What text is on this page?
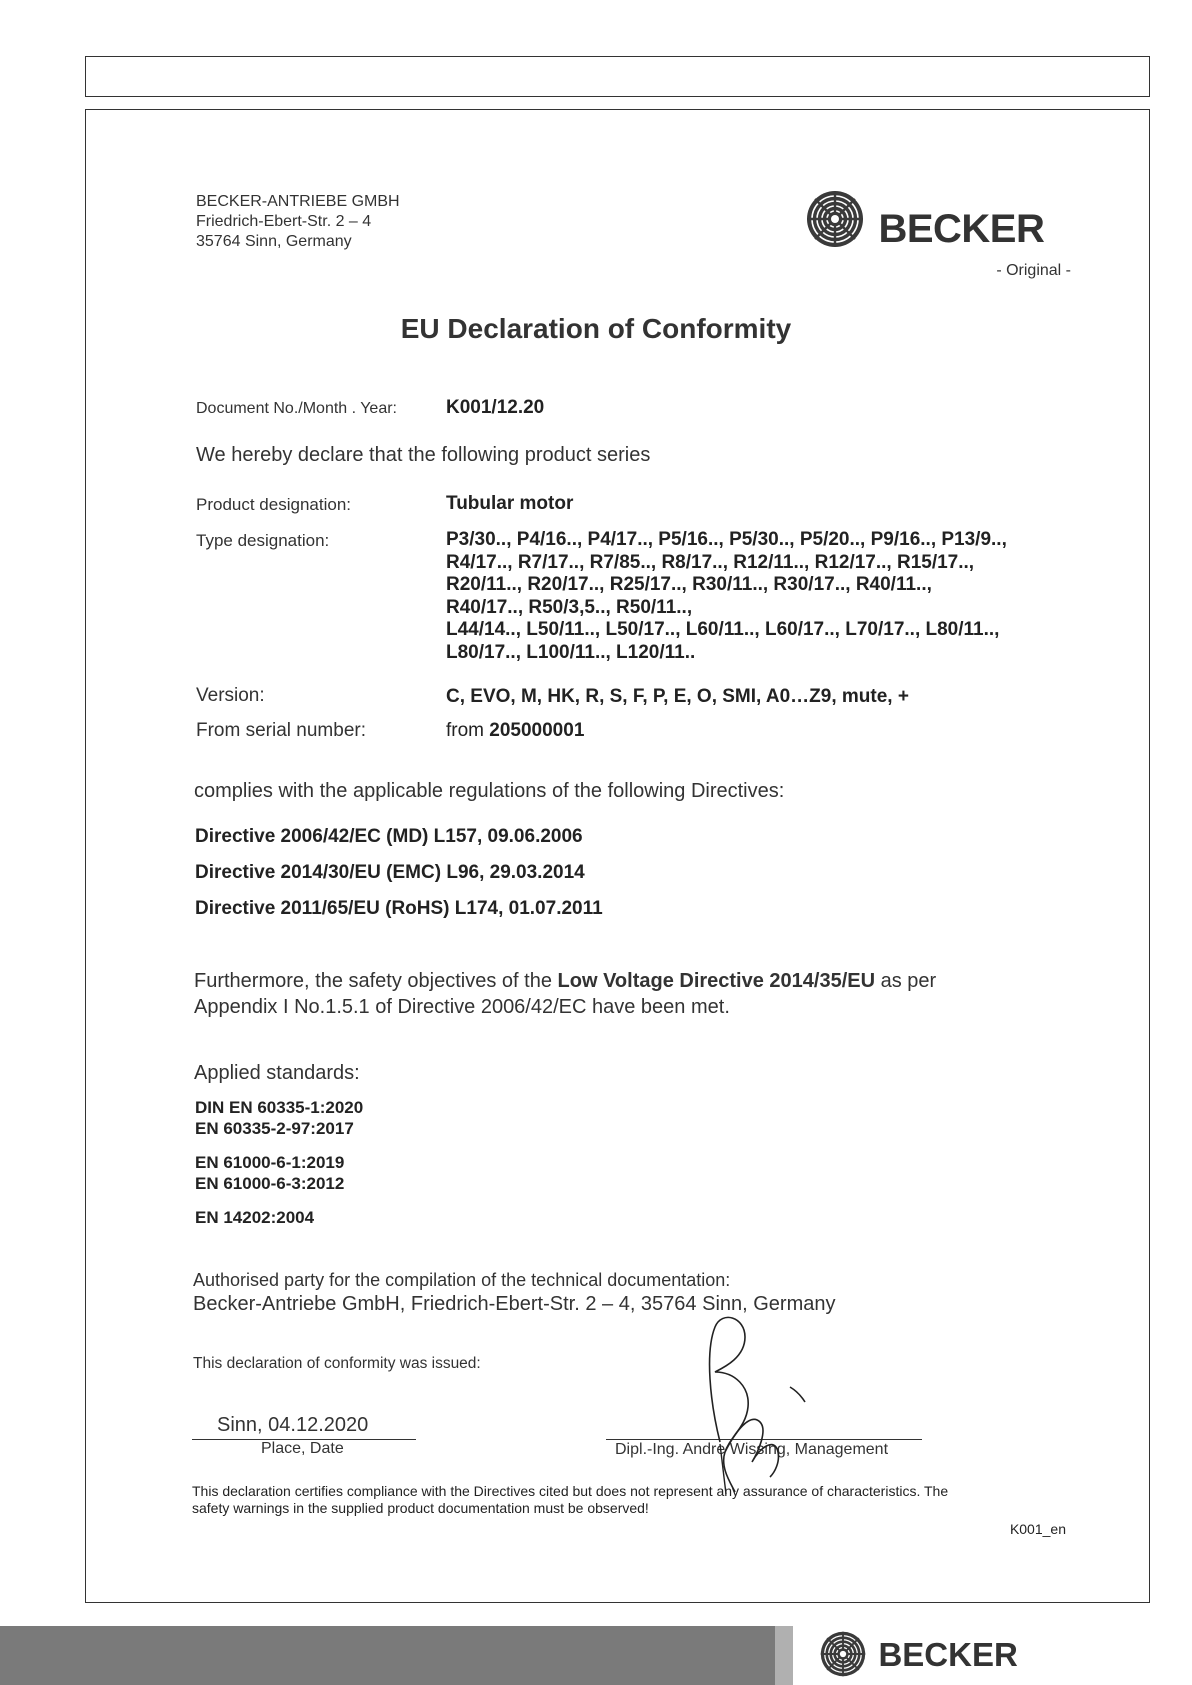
BECKER-ANTRIEBE GMBH
Friedrich-Ebert-Str. 2 – 4
35764 Sinn, Germany	BECKER
- Original -
EU Declaration of Conformity
Document No./Month . Year:	K001/12.20
We hereby declare that the following product series
Product designation:	Tubular motor
Type designation:	P3/30.., P4/16.., P4/17.., P5/16.., P5/30.., P5/20.., P9/16.., P13/9..,
R4/17.., R7/17.., R7/85.., R8/17.., R12/11.., R12/17.., R15/17..,
R20/11.., R20/17.., R25/17.., R30/11.., R30/17.., R40/11..,
R40/17.., R50/3,5.., R50/11..,
L44/14.., L50/11.., L50/17.., L60/11.., L60/17.., L70/17.., L80/11..,
L80/17.., L100/11.., L120/11..
Version:	C, EVO, M, HK, R, S, F, P, E, O, SMI, A0…Z9, mute, +
From serial number:	from 205000001
complies with the applicable regulations of the following Directives:
Directive 2006/42/EC (MD) L157, 09.06.2006
Directive 2014/30/EU (EMC) L96, 29.03.2014
Directive 2011/65/EU (RoHS) L174, 01.07.2011
Furthermore, the safety objectives of the Low Voltage Directive 2014/35/EU as per
Appendix I No.1.5.1 of Directive 2006/42/EC have been met.
Applied standards:
DIN EN 60335-1:2020
EN 60335-2-97:2017
EN 61000-6-1:2019
EN 61000-6-3:2012
EN 14202:2004
Authorised party for the compilation of the technical documentation:
Becker-Antriebe GmbH, Friedrich-Ebert-Str. 2 – 4, 35764 Sinn, Germany
This declaration of conformity was issued:
Sinn, 04.12.2020
Place, Date	Dipl.-Ing. Andre Wissing, Management
This declaration certifies compliance with the Directives cited but does not represent any assurance of characteristics. The
safety warnings in the supplied product documentation must be observed!
K001_en
BECKER
